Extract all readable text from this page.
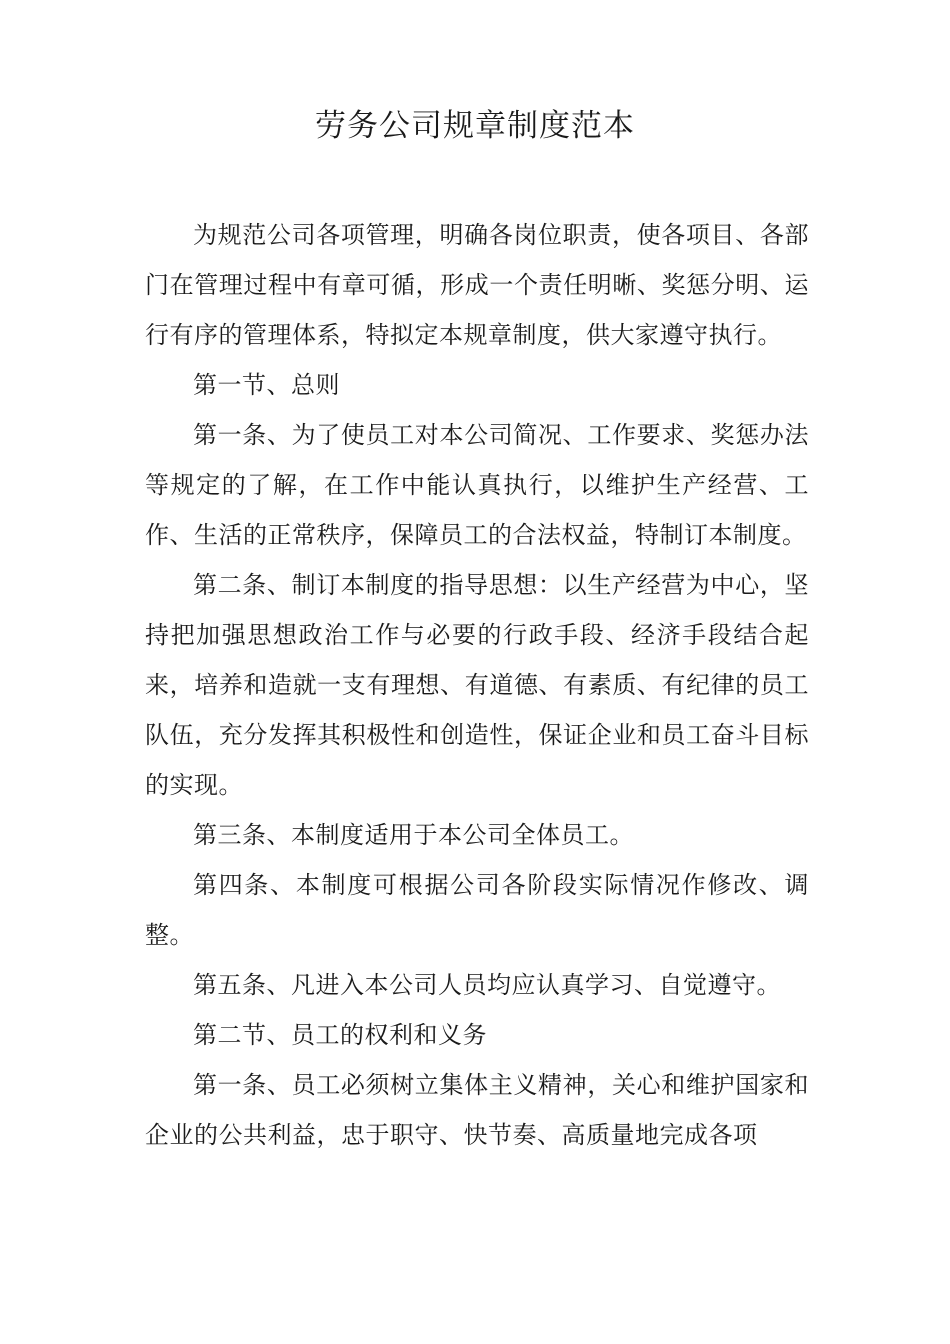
劳务公司规章制度范本

为规范公司各项管理，明确各岗位职责，使各项目、各部门在管理过程中有章可循，形成一个责任明晰、奖惩分明、运行有序的管理体系，特拟定本规章制度，供大家遵守执行。

第一节、总则

第一条、为了使员工对本公司简况、工作要求、奖惩办法等规定的了解，在工作中能认真执行，以维护生产经营、工作、生活的正常秩序，保障员工的合法权益，特制订本制度。

第二条、制订本制度的指导思想：以生产经营为中心，坚持把加强思想政治工作与必要的行政手段、经济手段结合起来，培养和造就一支有理想、有道德、有素质、有纪律的员工队伍，充分发挥其积极性和创造性，保证企业和员工奋斗目标的实现。

第三条、本制度适用于本公司全体员工。

第四条、本制度可根据公司各阶段实际情况作修改、调整。

第五条、凡进入本公司人员均应认真学习、自觉遵守。

第二节、员工的权利和义务

第一条、员工必须树立集体主义精神，关心和维护国家和企业的公共利益，忠于职守、快节奏、高质量地完成各项
